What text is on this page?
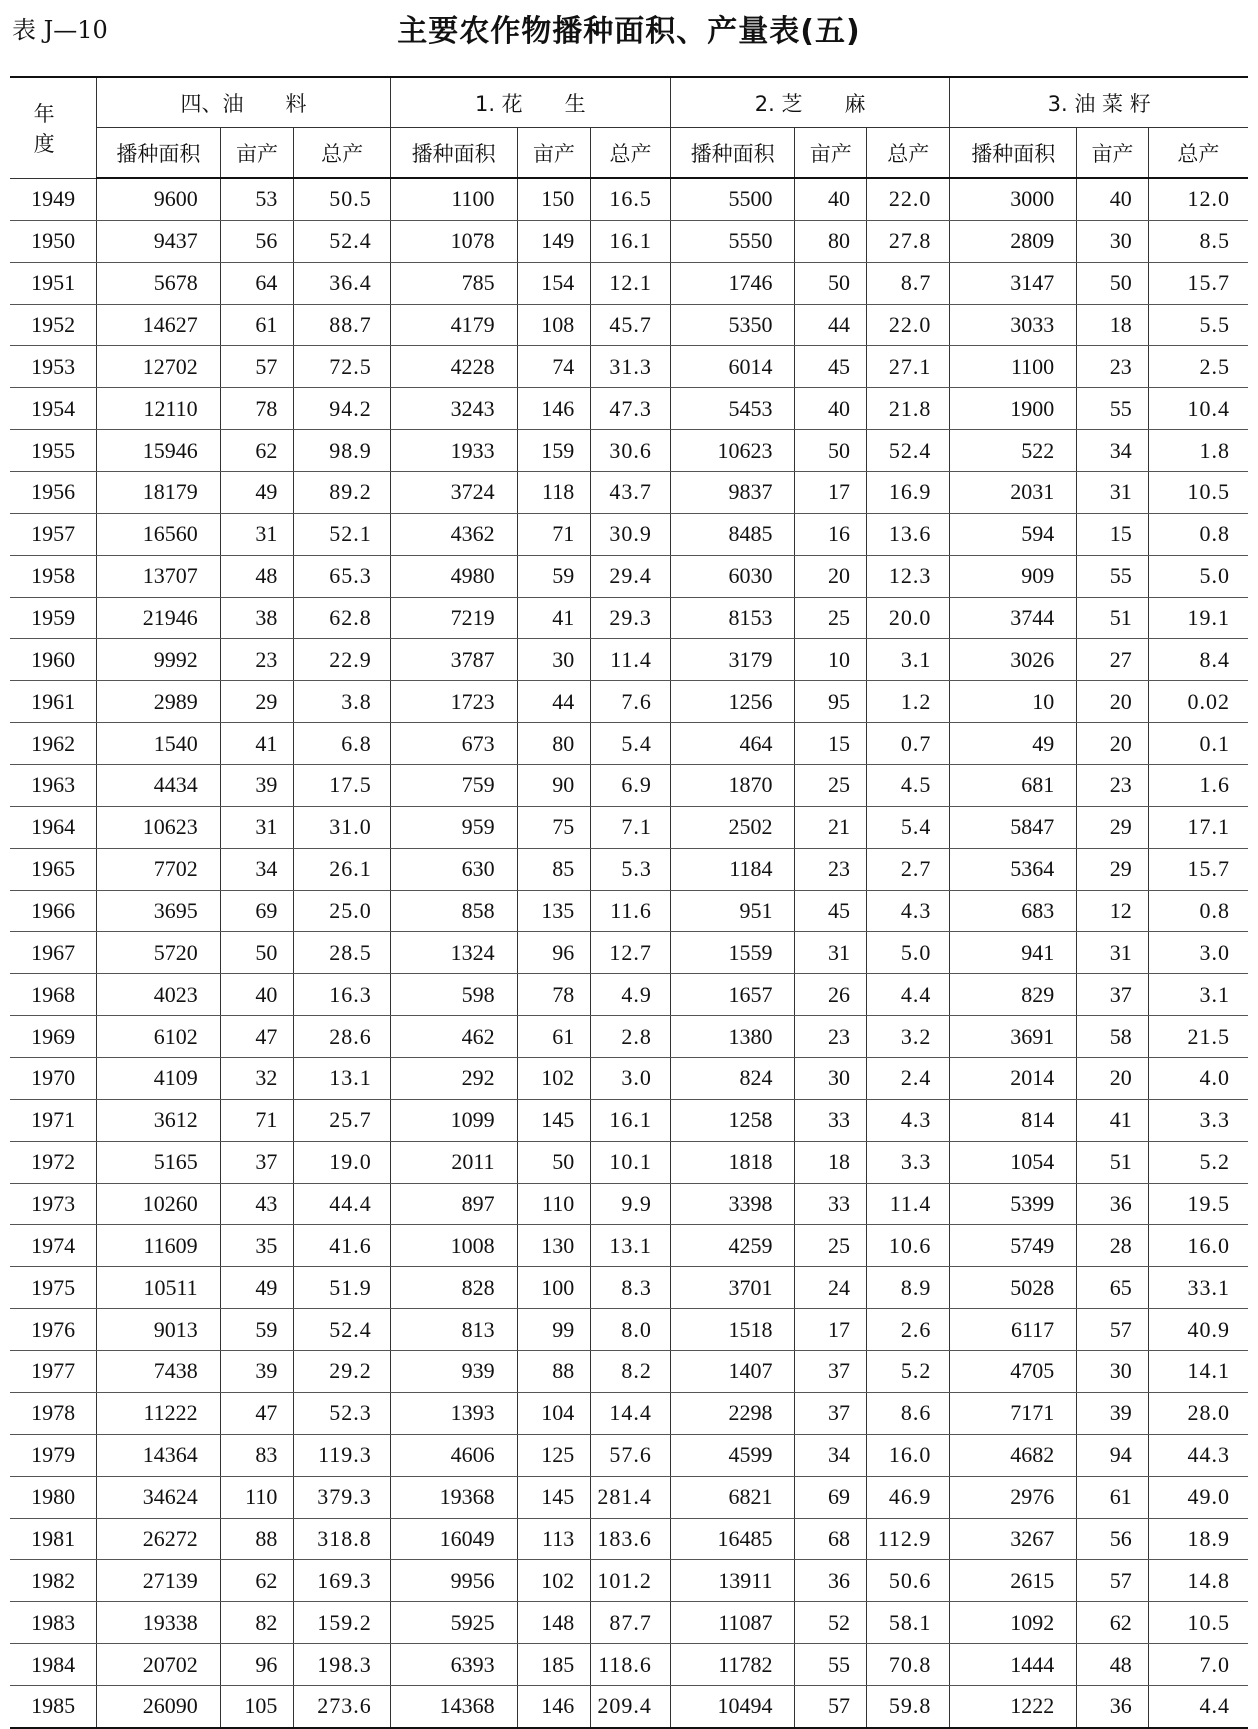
表 J—10	主要农作物播种面积、产量表(五)
年 度	四、油　　料			1. 花　　生			2. 芝　　麻			3. 油 菜 籽		
	播种面积	亩产	总产	播种面积	亩产	总产	播种面积	亩产	总产	播种面积	亩产	总产
1949	9600	53	50.5	1100	150	16.5	5500	40	22.0	3000	40	12.0
1950	9437	56	52.4	1078	149	16.1	5550	80	27.8	2809	30	8.5
1951	5678	64	36.4	785	154	12.1	1746	50	8.7	3147	50	15.7
1952	14627	61	88.7	4179	108	45.7	5350	44	22.0	3033	18	5.5
1953	12702	57	72.5	4228	74	31.3	6014	45	27.1	1100	23	2.5
1954	12110	78	94.2	3243	146	47.3	5453	40	21.8	1900	55	10.4
1955	15946	62	98.9	1933	159	30.6	10623	50	52.4	522	34	1.8
1956	18179	49	89.2	3724	118	43.7	9837	17	16.9	2031	31	10.5
1957	16560	31	52.1	4362	71	30.9	8485	16	13.6	594	15	0.8
1958	13707	48	65.3	4980	59	29.4	6030	20	12.3	909	55	5.0
1959	21946	38	62.8	7219	41	29.3	8153	25	20.0	3744	51	19.1
1960	9992	23	22.9	3787	30	11.4	3179	10	3.1	3026	27	8.4
1961	2989	29	3.8	1723	44	7.6	1256	95	1.2	10	20	0.02
1962	1540	41	6.8	673	80	5.4	464	15	0.7	49	20	0.1
1963	4434	39	17.5	759	90	6.9	1870	25	4.5	681	23	1.6
1964	10623	31	31.0	959	75	7.1	2502	21	5.4	5847	29	17.1
1965	7702	34	26.1	630	85	5.3	1184	23	2.7	5364	29	15.7
1966	3695	69	25.0	858	135	11.6	951	45	4.3	683	12	0.8
1967	5720	50	28.5	1324	96	12.7	1559	31	5.0	941	31	3.0
1968	4023	40	16.3	598	78	4.9	1657	26	4.4	829	37	3.1
1969	6102	47	28.6	462	61	2.8	1380	23	3.2	3691	58	21.5
1970	4109	32	13.1	292	102	3.0	824	30	2.4	2014	20	4.0
1971	3612	71	25.7	1099	145	16.1	1258	33	4.3	814	41	3.3
1972	5165	37	19.0	2011	50	10.1	1818	18	3.3	1054	51	5.2
1973	10260	43	44.4	897	110	9.9	3398	33	11.4	5399	36	19.5
1974	11609	35	41.6	1008	130	13.1	4259	25	10.6	5749	28	16.0
1975	10511	49	51.9	828	100	8.3	3701	24	8.9	5028	65	33.1
1976	9013	59	52.4	813	99	8.0	1518	17	2.6	6117	57	40.9
1977	7438	39	29.2	939	88	8.2	1407	37	5.2	4705	30	14.1
1978	11222	47	52.3	1393	104	14.4	2298	37	8.6	7171	39	28.0
1979	14364	83	119.3	4606	125	57.6	4599	34	16.0	4682	94	44.3
1980	34624	110	379.3	19368	145	281.4	6821	69	46.9	2976	61	49.0
1981	26272	88	318.8	16049	113	183.6	16485	68	112.9	3267	56	18.9
1982	27139	62	169.3	9956	102	101.2	13911	36	50.6	2615	57	14.8
1983	19338	82	159.2	5925	148	87.7	11087	52	58.1	1092	62	10.5
1984	20702	96	198.3	6393	185	118.6	11782	55	70.8	1444	48	7.0
1985	26090	105	273.6	14368	146	209.4	10494	57	59.8	1222	36	4.4
